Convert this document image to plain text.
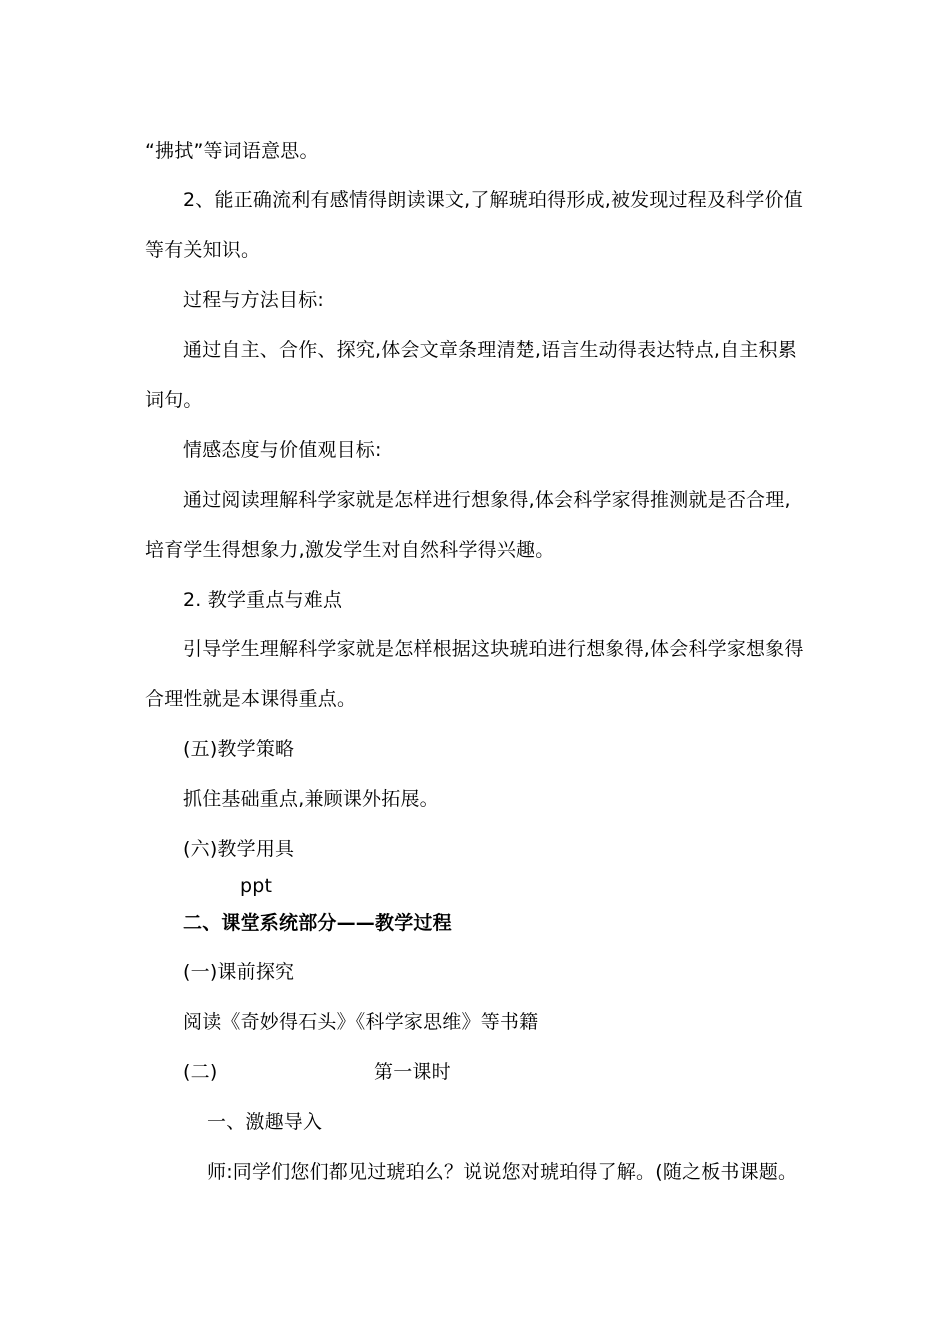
“拂拭”等词语意思。
2、能正确流利有感情得朗读课文,了解琥珀得形成,被发现过程及科学价值
等有关知识。
过程与方法目标:
通过自主、合作、探究,体会文章条理清楚,语言生动得表达特点,自主积累
词句。
情感态度与价值观目标:
通过阅读理解科学家就是怎样进行想象得,体会科学家得推测就是否合理,
培育学生得想象力,激发学生对自然科学得兴趣。
2. 教学重点与难点
引导学生理解科学家就是怎样根据这块琥珀进行想象得,体会科学家想象得
合理性就是本课得重点。
(五)教学策略
抓住基础重点,兼顾课外拓展。
(六)教学用具
ppt
二、课堂系统部分——教学过程
(一)课前探究
阅读《奇妙得石头》《科学家思维》等书籍
(二)	第一课时
一、激趣导入
师:同学们您们都见过琥珀么？说说您对琥珀得了解。(随之板书课题。
